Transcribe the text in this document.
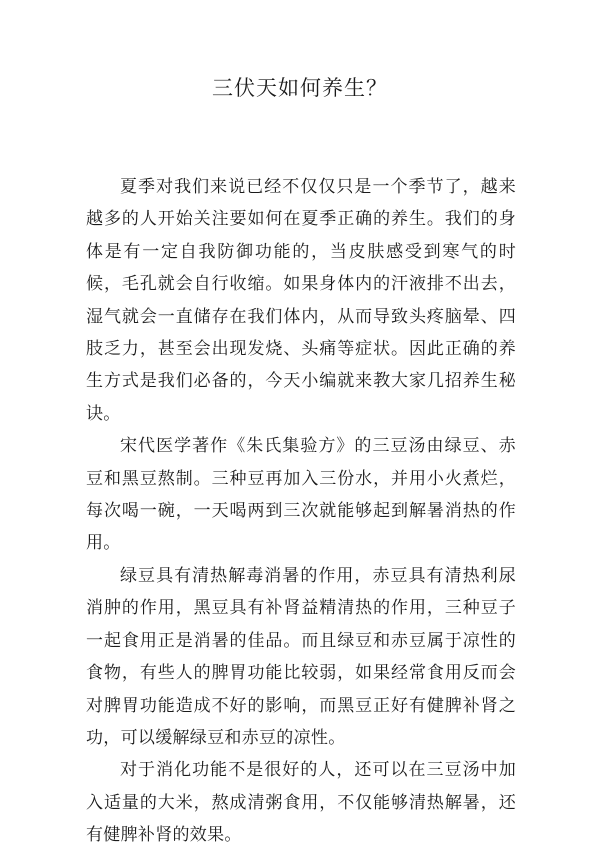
三伏天如何养生？

夏季对我们来说已经不仅仅只是一个季节了，越来越多的人开始关注要如何在夏季正确的养生。我们的身体是有一定自我防御功能的，当皮肤感受到寒气的时候，毛孔就会自行收缩。如果身体内的汗液排不出去，湿气就会一直储存在我们体内，从而导致头疼脑晕、四肢乏力，甚至会出现发烧、头痛等症状。因此正确的养生方式是我们必备的，今天小编就来教大家几招养生秘诀。

宋代医学著作《朱氏集验方》的三豆汤由绿豆、赤豆和黑豆熬制。三种豆再加入三份水，并用小火煮烂，每次喝一碗，一天喝两到三次就能够起到解暑消热的作用。

绿豆具有清热解毒消暑的作用，赤豆具有清热利尿消肿的作用，黑豆具有补肾益精清热的作用，三种豆子一起食用正是消暑的佳品。而且绿豆和赤豆属于凉性的食物，有些人的脾胃功能比较弱，如果经常食用反而会对脾胃功能造成不好的影响，而黑豆正好有健脾补肾之功，可以缓解绿豆和赤豆的凉性。

对于消化功能不是很好的人，还可以在三豆汤中加入适量的大米，熬成清粥食用，不仅能够清热解暑，还有健脾补肾的效果。
